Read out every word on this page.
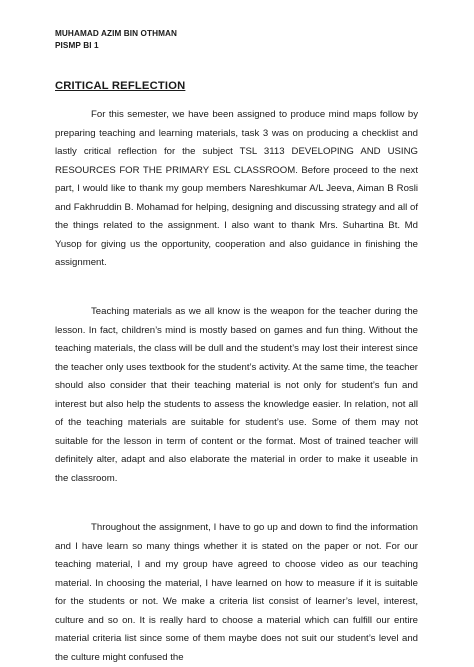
MUHAMAD AZIM BIN OTHMAN
PISMP BI 1
CRITICAL REFLECTION

For this semester, we have been assigned to produce mind maps follow by preparing teaching and learning materials, task 3 was on producing a checklist and lastly critical reflection for the subject TSL 3113 DEVELOPING AND USING RESOURCES FOR THE PRIMARY ESL CLASSROOM. Before proceed to the next part, I would like to thank my goup members Nareshkumar A/L Jeeva, Aiman B Rosli and Fakhruddin B. Mohamad for helping, designing and discussing strategy and all of the things related to the assignment. I also want to thank Mrs. Suhartina Bt. Md Yusop for giving us the opportunity, cooperation and also guidance in finishing the assignment.

Teaching materials as we all know is the weapon for the teacher during the lesson. In fact, children’s mind is mostly based on games and fun thing. Without the teaching materials, the class will be dull and the student’s may lost their interest since the teacher only uses textbook for the student’s activity. At the same time, the teacher should also consider that their teaching material is not only for student’s fun and interest but also help the students to assess the knowledge easier. In relation, not all of the teaching materials are suitable for student’s use. Some of them may not suitable for the lesson in term of content or the format. Most of trained teacher will definitely alter, adapt and also elaborate the material in order to make it useable in the classroom.

Throughout the assignment, I have to go up and down to find the information and I have learn so many things whether it is stated on the paper or not. For our teaching material, I and my group have agreed to choose video as our teaching material. In choosing the material, I have learned on how to measure if it is suitable for the students or not. We make a criteria list consist of learner’s level, interest, culture and so on. It is really hard to choose a material which can fulfill our entire material criteria list since some of them maybe does not suit our student’s level and the culture might confused the
